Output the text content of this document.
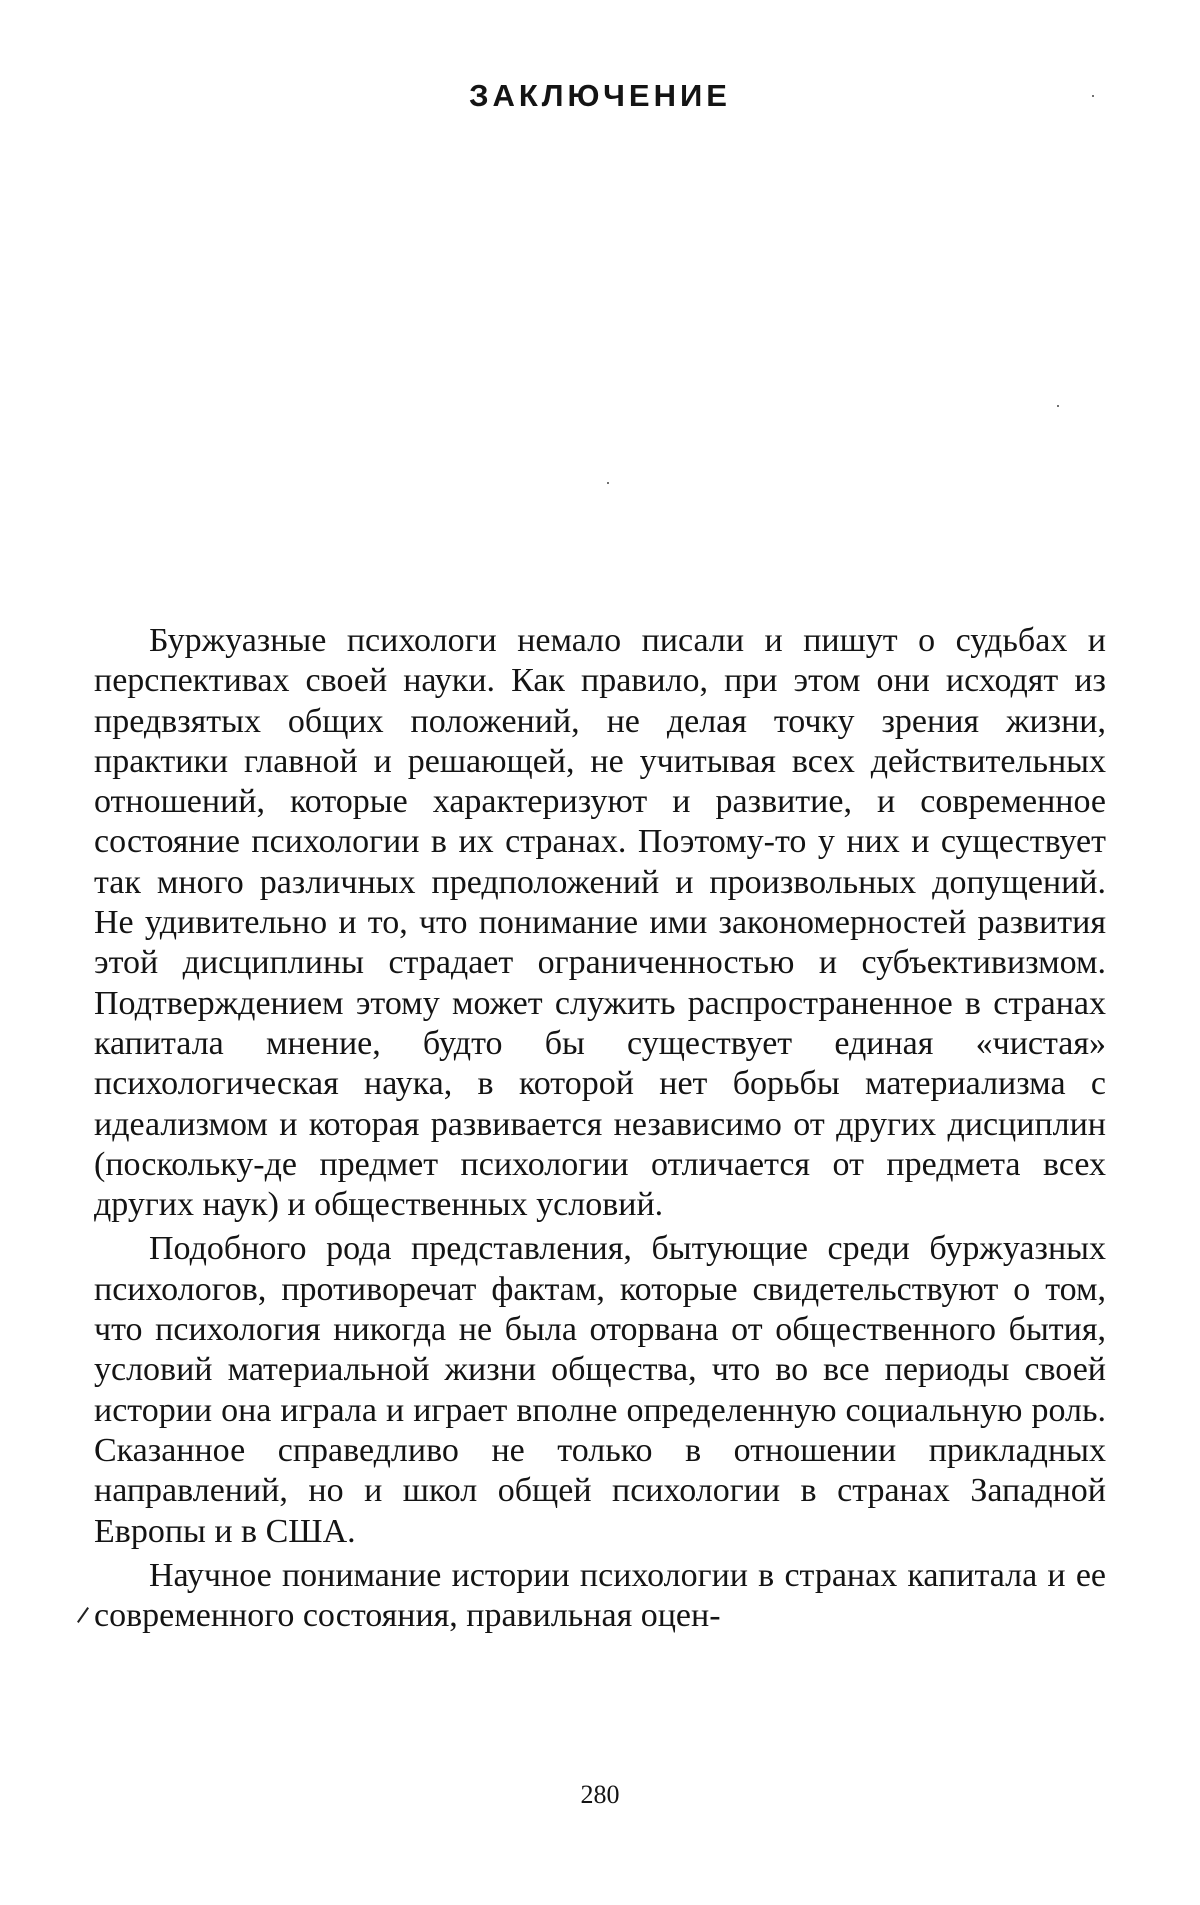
ЗАКЛЮЧЕНИЕ

Буржуазные психологи немало писали и пишут о судьбах и перспективах своей науки. Как правило, при этом они исходят из предвзятых общих положений, не делая точку зрения жизни, практики главной и решающей, не учитывая всех действительных отношений, которые характеризуют и развитие, и современное состояние психологии в их странах. Поэтому-то у них и существует так много различных предположений и произвольных допущений. Не удивительно и то, что понимание ими закономерностей развития этой дисциплины страдает ограниченностью и субъективизмом. Подтверждением этому может служить распространенное в странах капитала мнение, будто бы существует единая «чистая» психологическая наука, в которой нет борьбы материализма с идеализмом и которая развивается независимо от других дисциплин (поскольку-де предмет психологии отличается от предмета всех других наук) и общественных условий.

Подобного рода представления, бытующие среди буржуазных психологов, противоречат фактам, которые свидетельствуют о том, что психология никогда не была оторвана от общественного бытия, условий материальной жизни общества, что во все периоды своей истории она играла и играет вполне определенную социальную роль. Сказанное справедливо не только в отношении прикладных направлений, но и школ общей психологии в странах Западной Европы и в США.

Научное понимание истории психологии в странах капитала и ее современного состояния, правильная оцен-

280
